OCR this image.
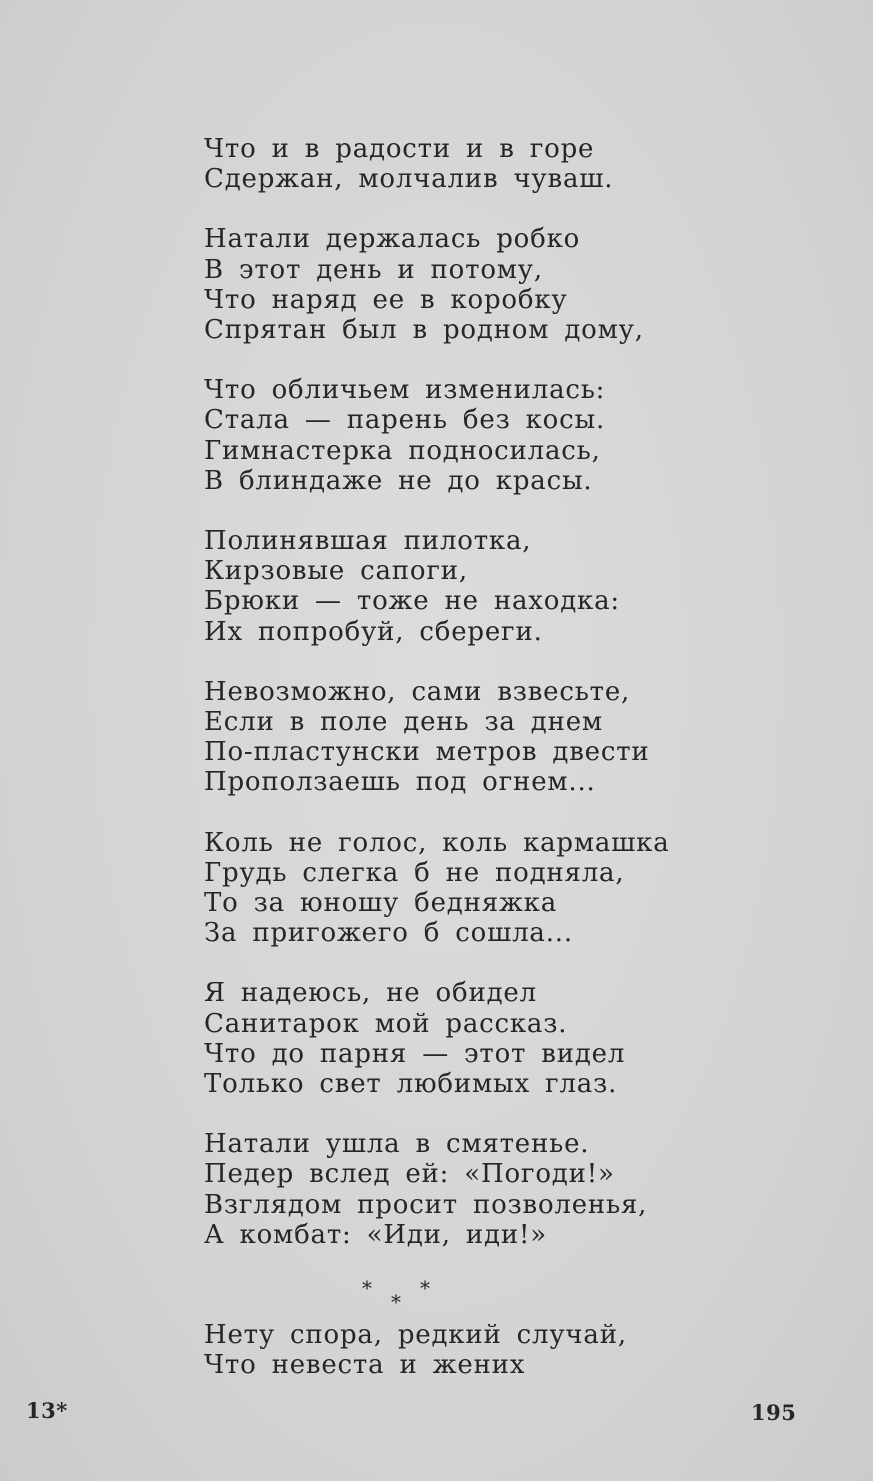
Что и в радости и в горе
Сдержан, молчалив чуваш.
Натали держалась робко
В этот день и потому,
Что наряд ее в коробку
Спрятан был в родном дому,
Что обличьем изменилась:
Стала — парень без косы.
Гимнастерка подносилась,
В блиндаже не до красы.
Полинявшая пилотка,
Кирзовые сапоги,
Брюки — тоже не находка:
Их попробуй, сбереги.
Невозможно, сами взвесьте,
Если в поле день за днем
По-пластунски метров двести
Проползаешь под огнем...
Коль не голос, коль кармашка
Грудь слегка б не подняла,
То за юношу бедняжка
За пригожего б сошла...
Я надеюсь, не обидел
Санитарок мой рассказ.
Что до парня — этот видел
Только свет любимых глаз.
Натали ушла в смятенье.
Педер вслед ей: «Погоди!»
Взглядом просит позволенья,
А комбат: «Иди, иди!»
* *
*
Нету спора, редкий случай,
Что невеста и жених
13*	195
